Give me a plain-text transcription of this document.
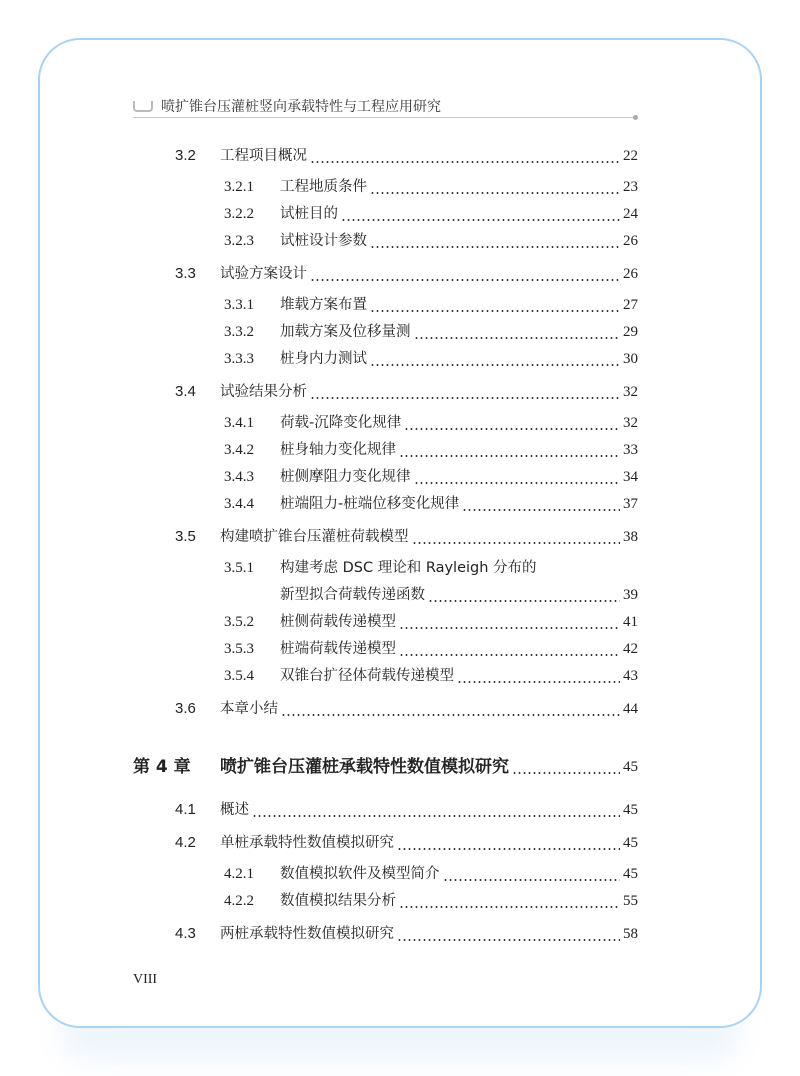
喷扩锥台压灌桩竖向承载特性与工程应用研究
3.2 工程项目概况	22
3.2.1 工程地质条件	23
3.2.2 试桩目的	24
3.2.3 试桩设计参数	26
3.3 试验方案设计	26
3.3.1 堆载方案布置	27
3.3.2 加载方案及位移量测	29
3.3.3 桩身内力测试	30
3.4 试验结果分析	32
3.4.1 荷载-沉降变化规律	32
3.4.2 桩身轴力变化规律	33
3.4.3 桩侧摩阻力变化规律	34
3.4.4 桩端阻力-桩端位移变化规律	37
3.5 构建喷扩锥台压灌桩荷载模型	38
3.5.1 构建考虑 DSC 理论和 Rayleigh 分布的
新型拟合荷载传递函数	39
3.5.2 桩侧荷载传递模型	41
3.5.3 桩端荷载传递模型	42
3.5.4 双锥台扩径体荷载传递模型	43
3.6 本章小结	44
第 4 章 喷扩锥台压灌桩承载特性数值模拟研究	45
4.1 概述	45
4.2 单桩承载特性数值模拟研究	45
4.2.1 数值模拟软件及模型简介	45
4.2.2 数值模拟结果分析	55
4.3 两桩承载特性数值模拟研究	58
VIII
